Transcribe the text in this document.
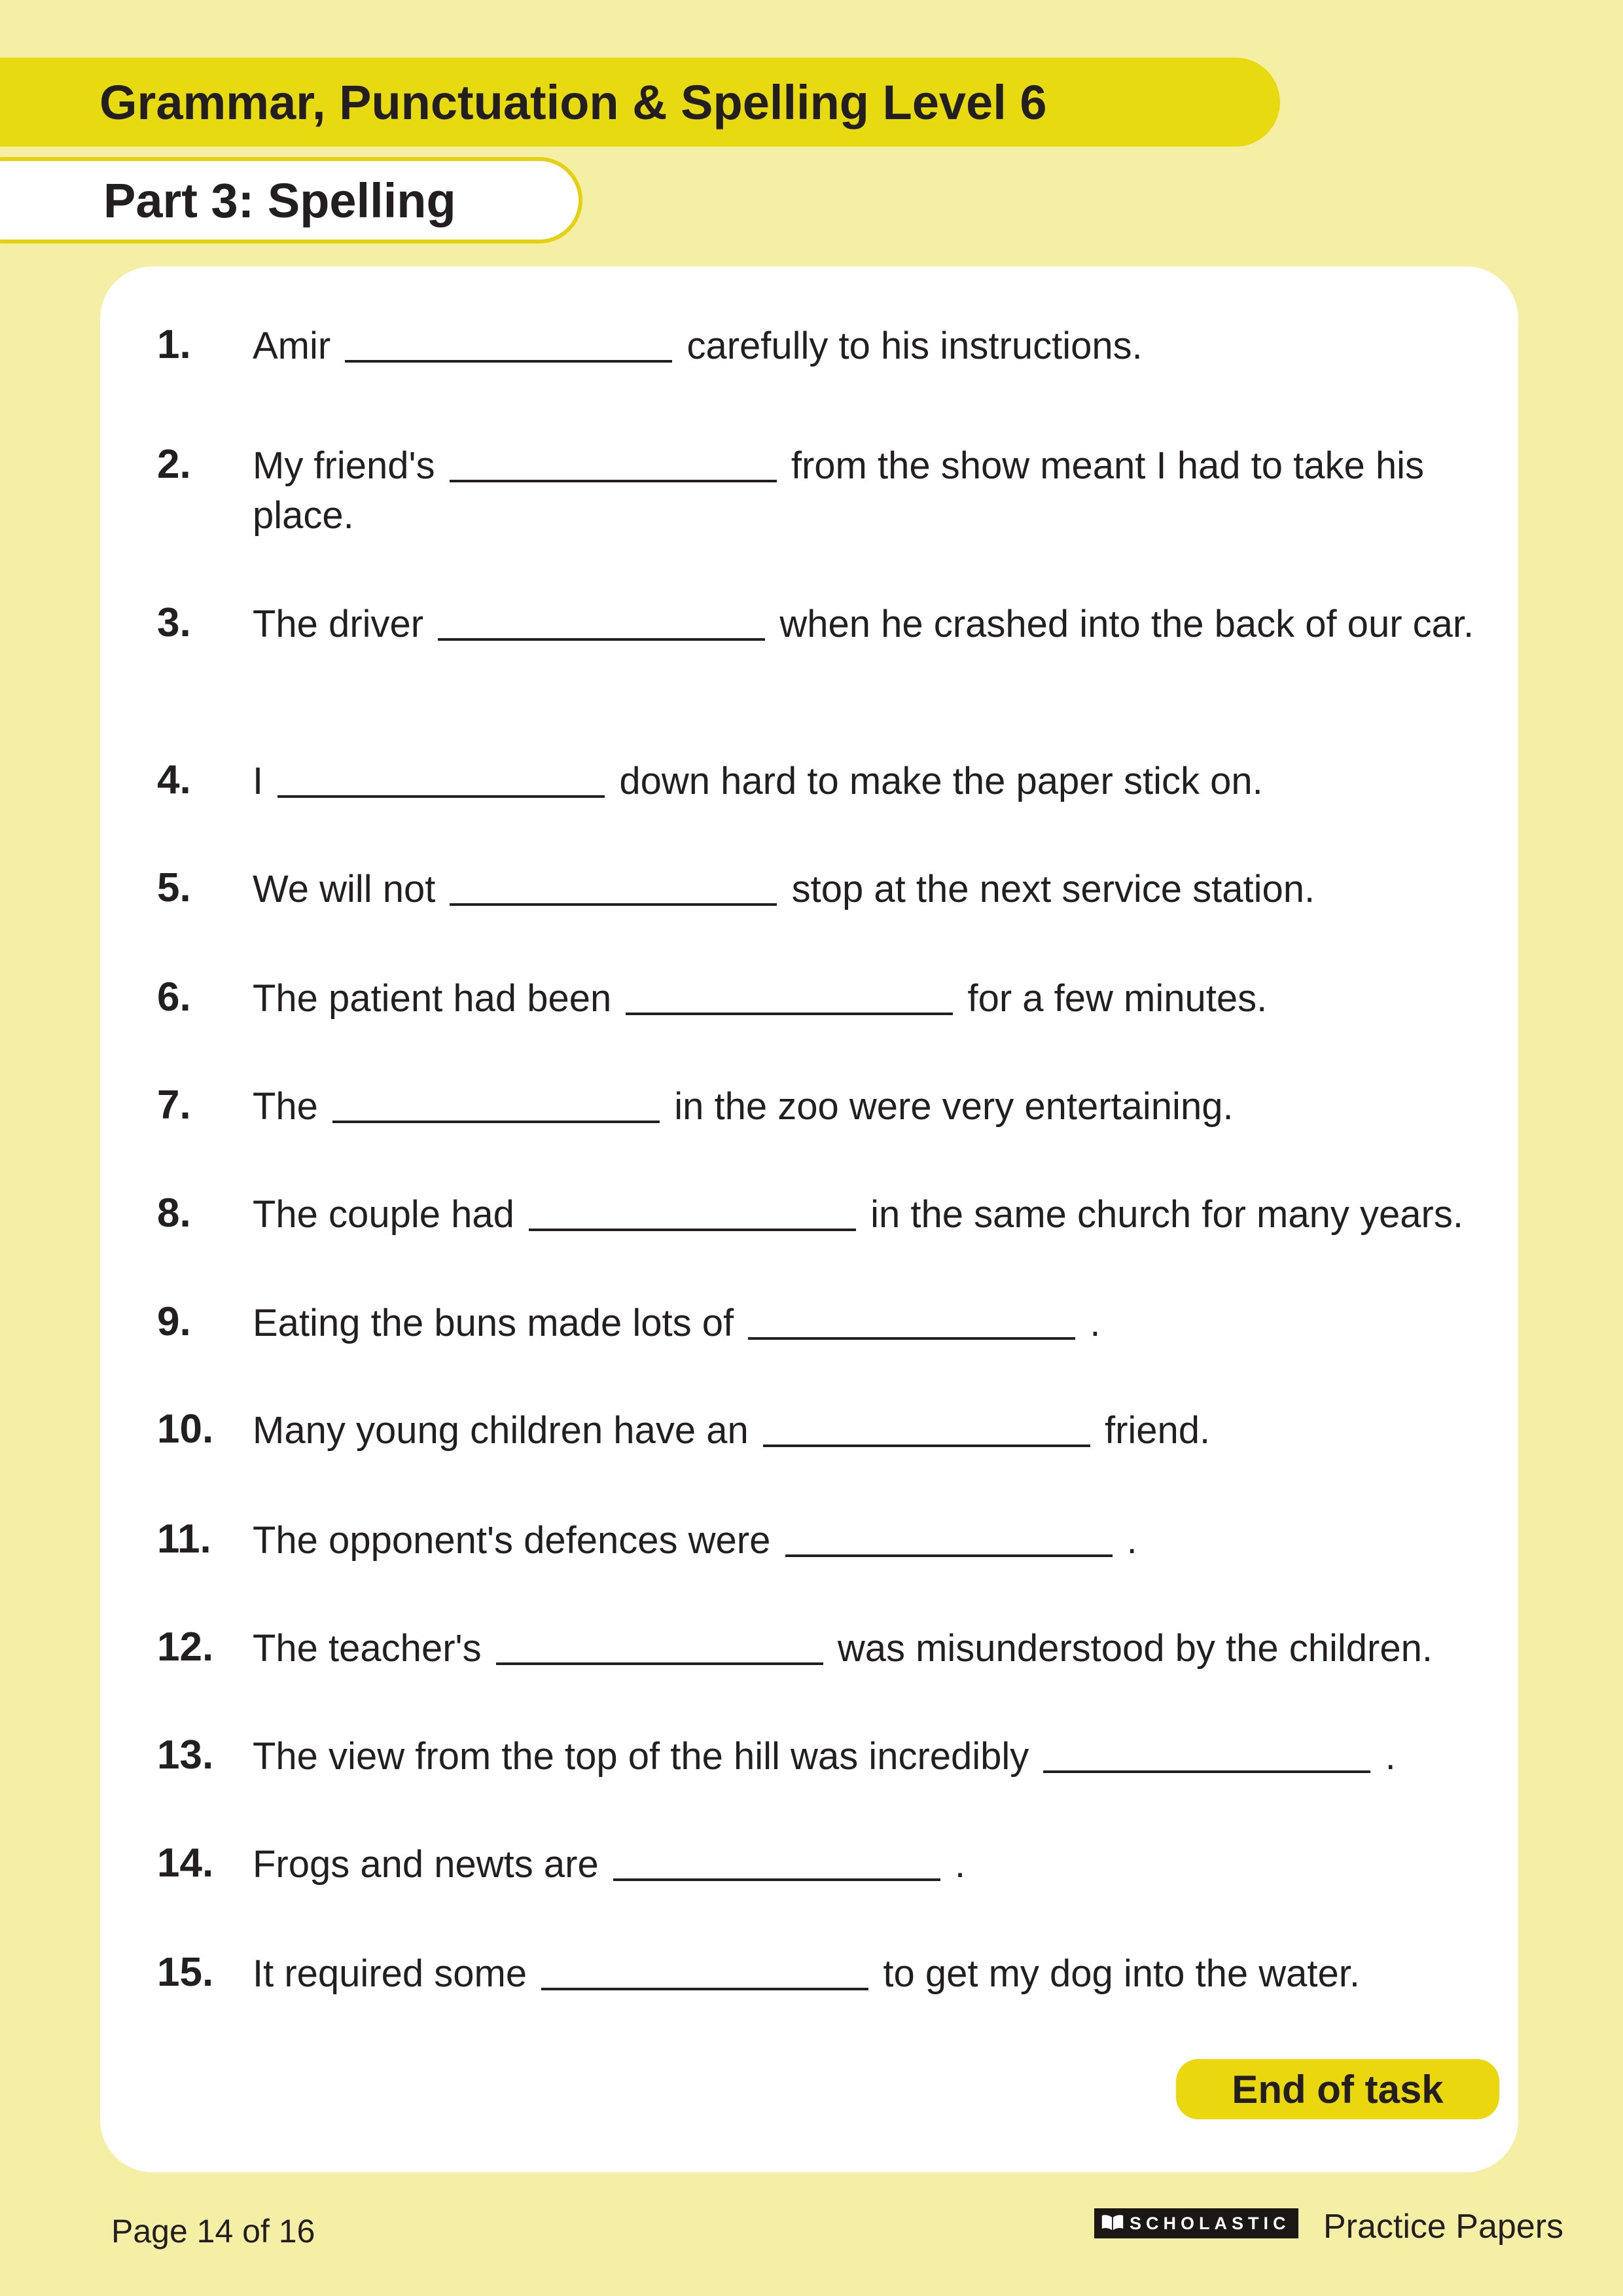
Grammar, Punctuation & Spelling Level 6
Part 3: Spelling
1. Amir	carefully to his instructions.
2. My friend's	from the show meant I had to take his place.
3. The driver	when he crashed into the back of our car.
4. I	down hard to make the paper stick on.
5. We will not	stop at the next service station.
6. The patient had been	for a few minutes.
7. The	in the zoo were very entertaining.
8. The couple had	in the same church for many years.
9. Eating the buns made lots of	.
10. Many young children have an	friend.
11. The opponent's defences were	.
12. The teacher's	was misunderstood by the children.
13. The view from the top of the hill was incredibly	.
14. Frogs and newts are	.
15. It required some	to get my dog into the water.
End of task
Page 14 of 16	SCHOLASTIC Practice Papers
